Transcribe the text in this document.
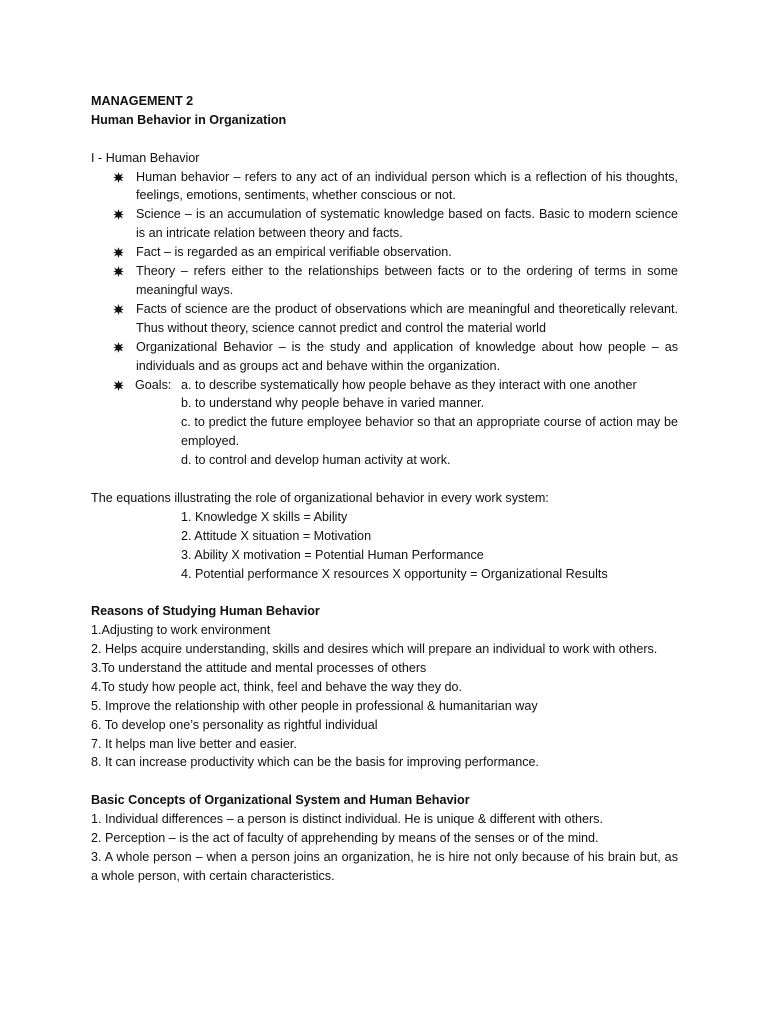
MANAGEMENT 2
Human Behavior in Organization
I - Human Behavior
Human behavior – refers to any act of an individual person which is a reflection of his thoughts, feelings, emotions, sentiments, whether conscious or not.
Science – is an accumulation of systematic knowledge based on facts. Basic to modern science is an intricate relation between theory and facts.
Fact – is regarded as an empirical verifiable observation.
Theory – refers either to the relationships between facts or to the ordering of terms in some meaningful ways.
Facts of science are the product of observations which are meaningful and theoretically relevant. Thus without theory, science cannot predict and control the material world
Organizational Behavior – is the study and application of knowledge about how people – as individuals and as groups act and behave within the organization.
Goals: a. to describe systematically how people behave as they interact with one another
b. to understand why people behave in varied manner.
c. to predict the future employee behavior so that an appropriate course of action may be employed.
d. to control and develop human activity at work.
The equations illustrating the role of organizational behavior in every work system:
1. Knowledge X skills = Ability
2. Attitude X situation = Motivation
3. Ability X motivation = Potential Human Performance
4. Potential performance X resources X opportunity = Organizational Results
Reasons of Studying Human Behavior
1.Adjusting to work environment
2. Helps acquire understanding, skills and desires which will prepare an individual to work with others.
3.To understand the attitude and mental processes of others
4.To study how people act, think, feel and behave the way they do.
5. Improve the relationship with other people in professional & humanitarian way
6. To develop one’s personality as rightful individual
7. It helps man live better and easier.
8. It can increase productivity which can be the basis for improving performance.
Basic Concepts of Organizational System and Human Behavior
1. Individual differences – a person is distinct individual. He is unique & different with others.
2. Perception – is the act of faculty of apprehending by means of the senses or of the mind.
3. A whole person – when a person joins an organization, he is hire not only because of his brain but, as a whole person, with certain characteristics.
